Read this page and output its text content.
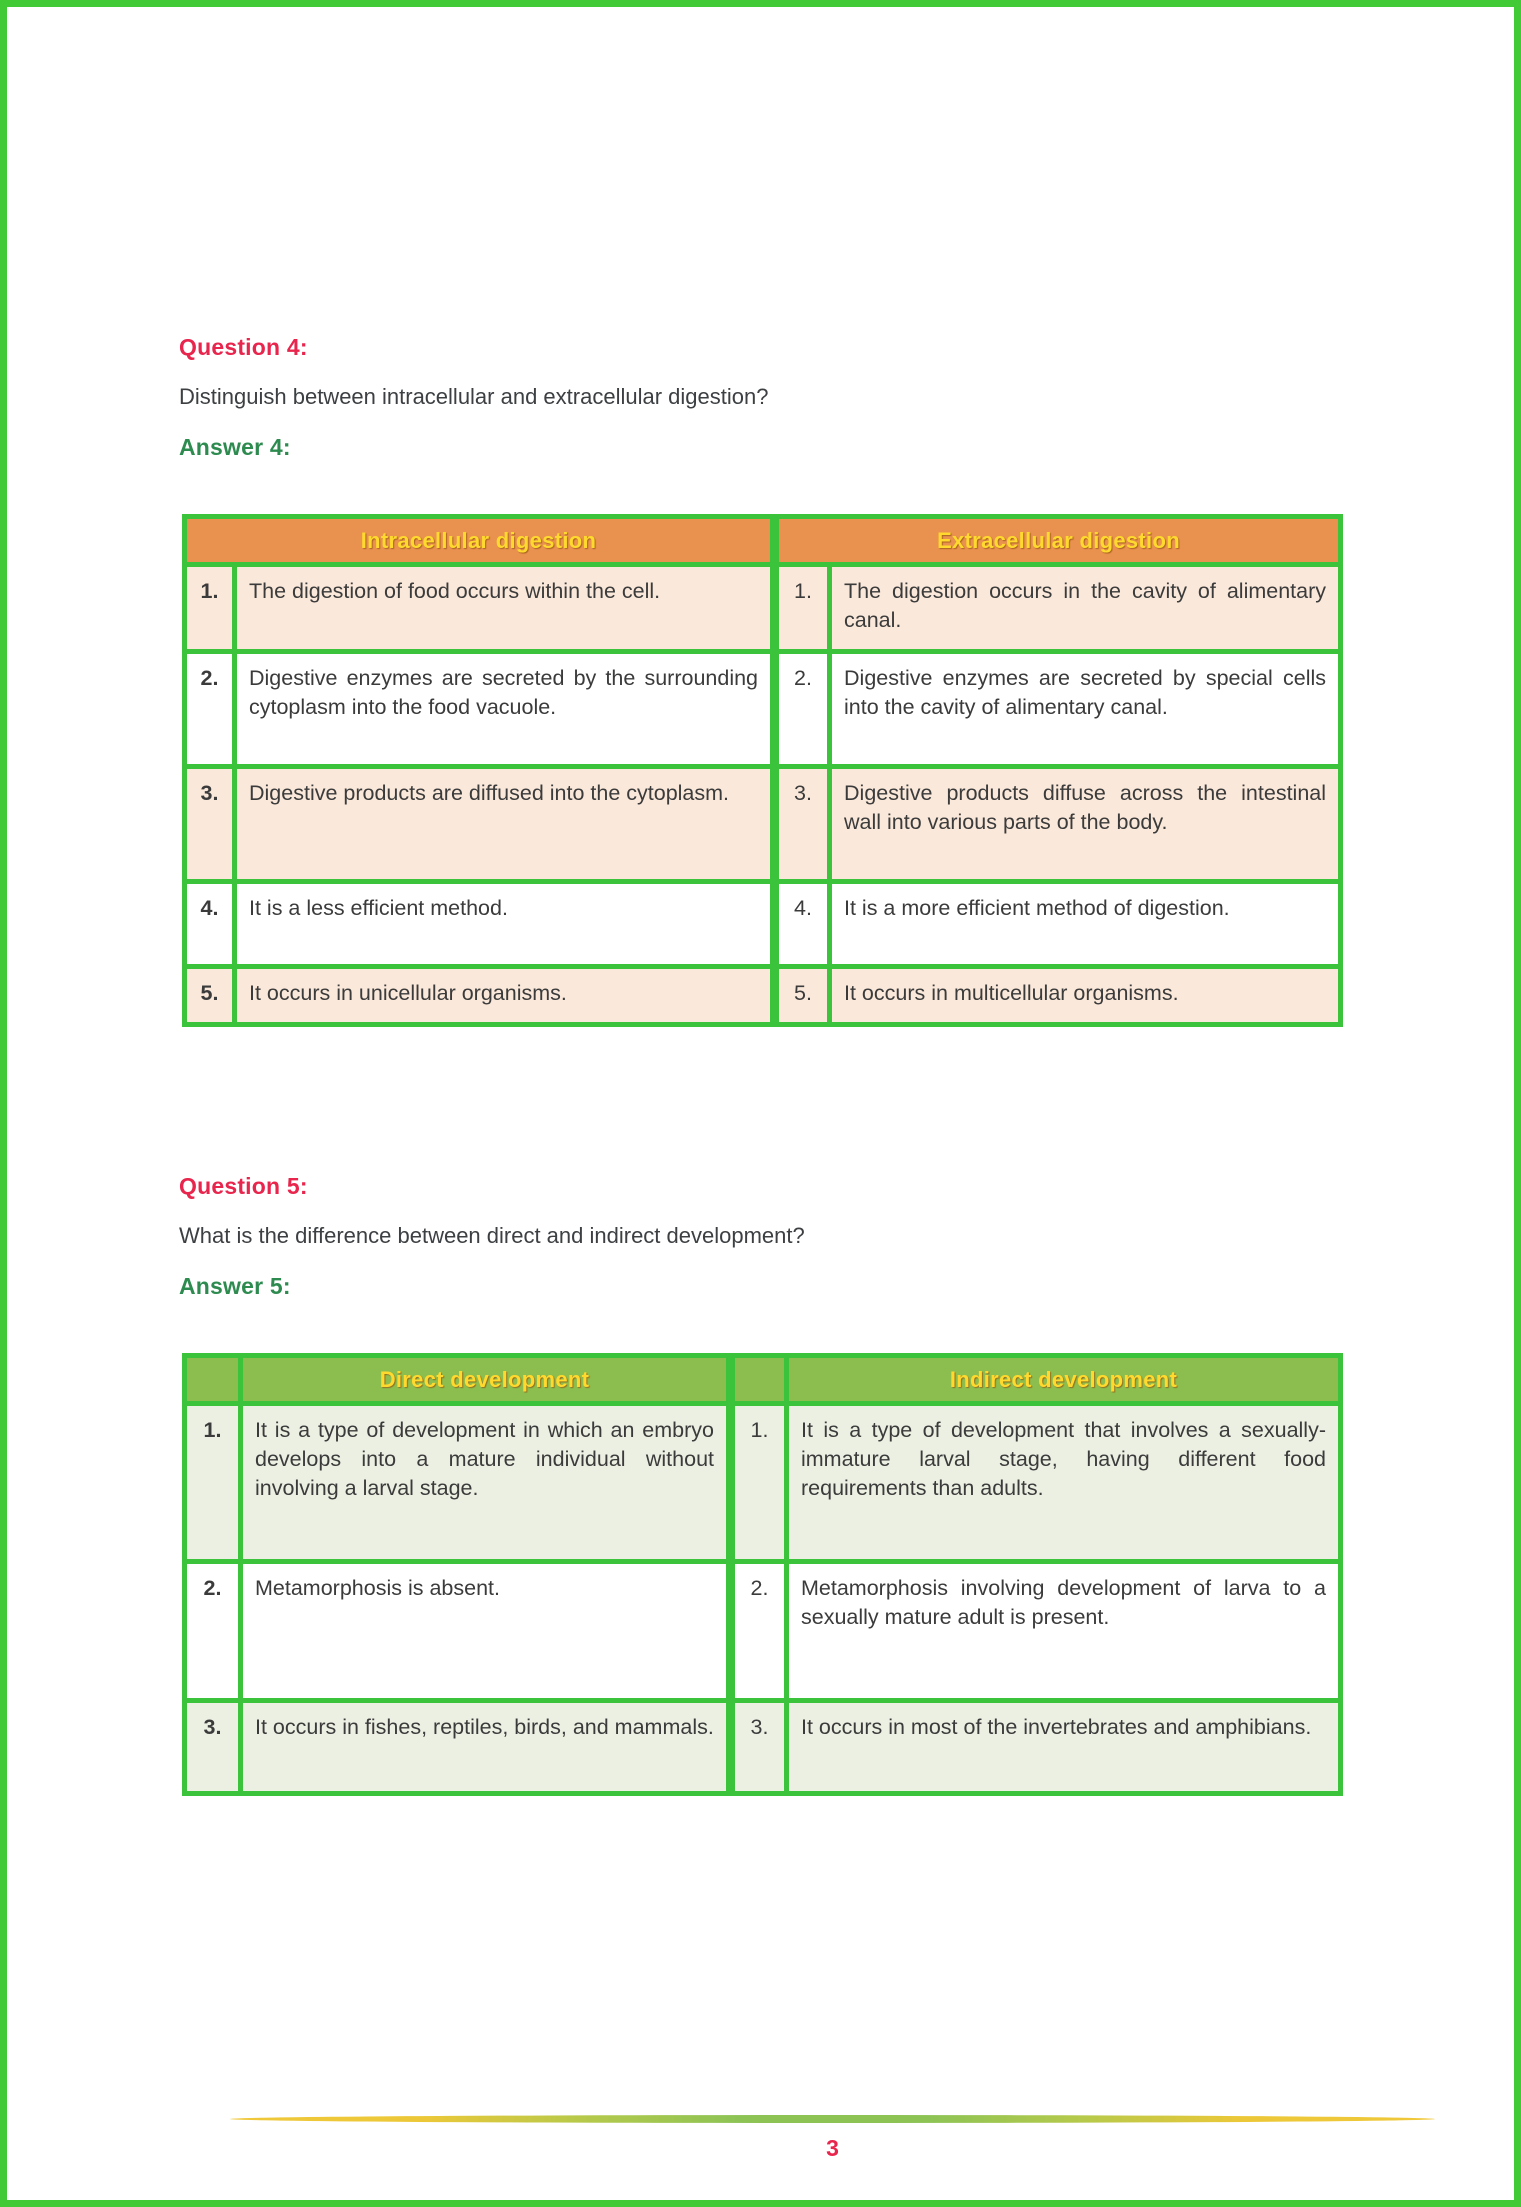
Question 4:

Distinguish between intracellular and extracellular digestion?

Answer 4:
Intracellular digestion		Extracellular digestion	
1.	The digestion of food occurs within the cell.	1.	The digestion occurs in the cavity of alimentary canal.
2.	Digestive enzymes are secreted by the surrounding cytoplasm into the food vacuole.	2.	Digestive enzymes are secreted by special cells into the cavity of alimentary canal.
3.	Digestive products are diffused into the cytoplasm.	3.	Digestive products diffuse across the intestinal wall into various parts of the body.
4.	It is a less efficient method.	4.	It is a more efficient method of digestion.
5.	It occurs in unicellular organisms.	5.	It occurs in multicellular organisms.
Question 5:

What is the difference between direct and indirect development?

Answer 5:
	Direct development		Indirect development
1.	It is a type of development in which an embryo develops into a mature individual without involving a larval stage.	1.	It is a type of development that involves a sexually-immature larval stage, having different food requirements than adults.
2.	Metamorphosis is absent.	2.	Metamorphosis involving development of larva to a sexually mature adult is present.
3.	It occurs in fishes, reptiles, birds, and mammals.	3.	It occurs in most of the invertebrates and amphibians.
3
